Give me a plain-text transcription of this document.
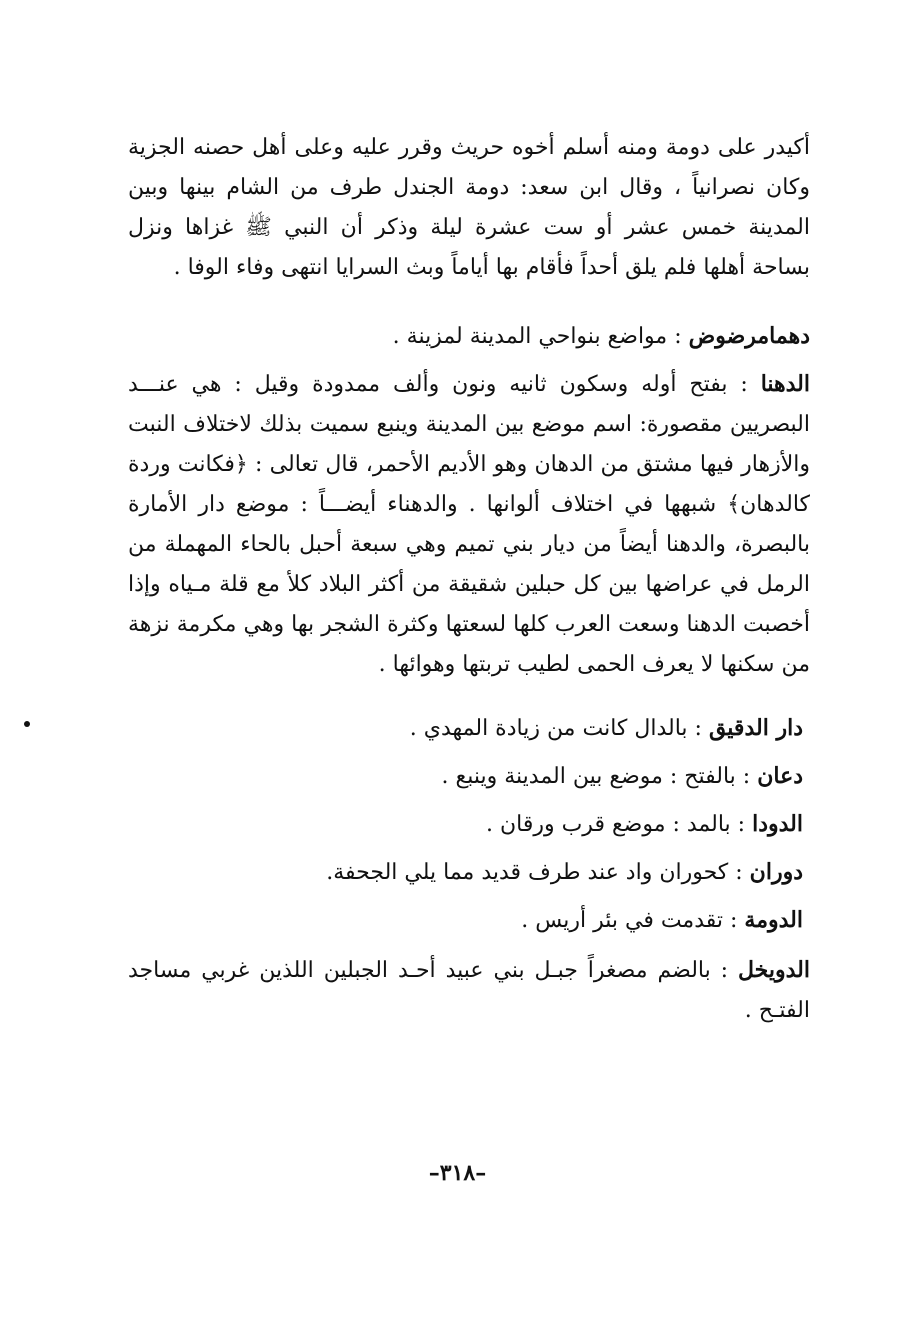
أكيدر على دومة ومنه أسلم أخوه حريث وقرر عليه وعلى أهل حصنه الجزية وكان نصرانياً ، وقال ابن سعد: دومة الجندل طرف من الشام بينها وبين المدينة خمس عشر أو ست عشرة ليلة وذكر أن النبي ﷺ غزاها ونزل بساحة أهلها فلم يلق أحداً فأقام بها أياماً وبث السرايا انتهى وفاء الوفا .

دهمامرضوض : مواضع بنواحي المدينة لمزينة .

الدهنا : بفتح أوله وسكون ثانيه ونون وألف ممدودة وقيل : هي عنـــد البصريين مقصورة: اسم موضع بين المدينة وينبع سميت بذلك لاختلاف النبت والأزهار فيها مشتق من الدهان وهو الأديم الأحمر، قال تعالى : ﴿فكانت وردة كالدهان﴾ شبهها في اختلاف ألوانها . والدهناء أيضـــاً : موضع دار الأمارة بالبصرة، والدهنا أيضاً من ديار بني تميم وهي سبعة أحبل بالحاء المهملة من الرمل في عراضها بين كل حبلين شقيقة من أكثر البلاد كلأ مع قلة مـياه وإذا أخصبت الدهنا وسعت العرب كلها لسعتها وكثرة الشجر بها وهي مكرمة نزهة من سكنها لا يعرف الحمى لطيب تربتها وهوائها .

دار الدقيق : بالدال كانت من زيادة المهدي .
دعان : بالفتح : موضع بين المدينة وينبع .
الدودا : بالمد : موضع قرب ورقان .
دوران : كحوران واد عند طرف قديد مما يلي الجحفة.
الدومة : تقدمت في بئر أريس .

الدويخل : بالضم مصغراً جبـل بني عبيد أحـد الجبلين اللذين غربي مساجد الفتـح .

–٣١٨–
